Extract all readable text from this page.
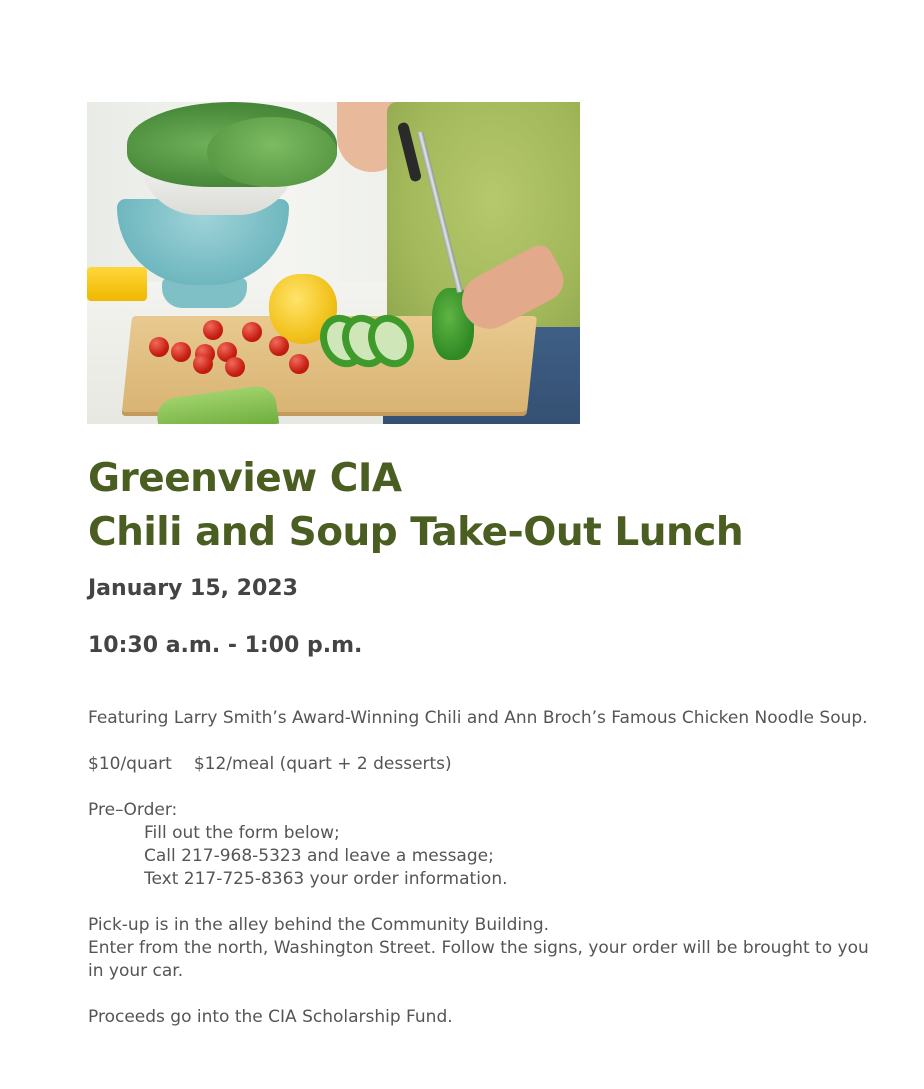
Greenview CIA
Chili and Soup Take-Out Lunch
January 15, 2023
10:30 a.m. - 1:00 p.m.

Featuring Larry Smith’s Award-Winning Chili and Ann Broch’s Famous Chicken Noodle Soup.

$10/quart $12/meal (quart + 2 desserts)

Pre–Order:

Fill out the form below;

Call 217-968-5323 and leave a message;

Text 217-725-8363 your order information.

Pick-up is in the alley behind the Community Building.

Enter from the north, Washington Street. Follow the signs, your order will be brought to you in your car.

Proceeds go into the CIA Scholarship Fund.
